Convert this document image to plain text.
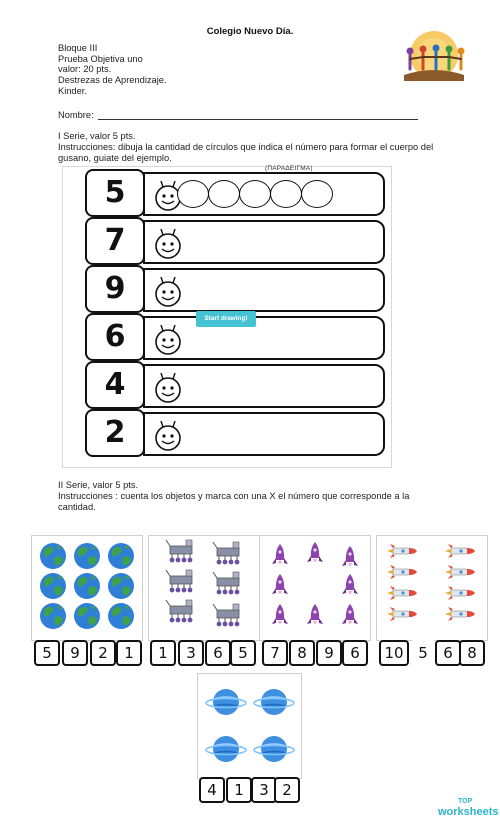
Colegio Nuevo Día.
Bloque III
Prueba Objetiva uno
valor: 20 pts.
Destrezas de Aprendizaje.
Kinder.
Nombre:
I Serie, valor 5 pts.
Instrucciones: dibuja la cantidad de círculos que indica el número para formar el cuerpo del gusano, guiate del ejemplo.
5
(ΠΑΡΑΔΕΙΓΜΑ)
7
9
6
4
2
Start drawing!
II Serie, valor 5 pts.
Instrucciones : cuenta los objetos y marca con una X el número que corresponde a la cantidad.
5	9	2	1	1	3	6	5	7	8	9	6	10 5	6 8
4	1	3 2
TOP
worksheets
